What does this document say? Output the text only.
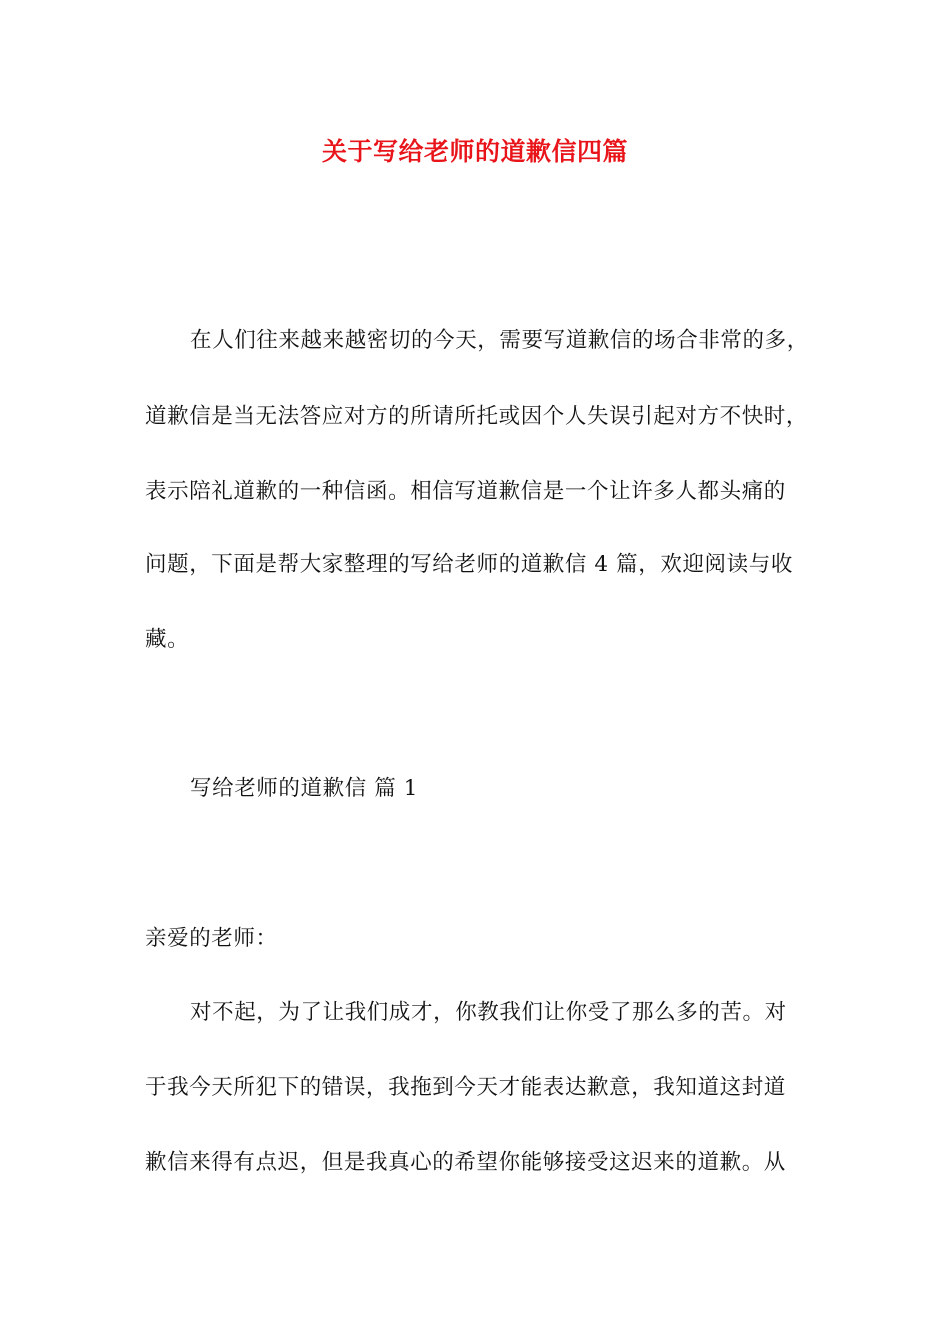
关于写给老师的道歉信四篇
在人们往来越来越密切的今天，需要写道歉信的场合非常的多，
道歉信是当无法答应对方的所请所托或因个人失误引起对方不快时，
表示陪礼道歉的一种信函。相信写道歉信是一个让许多人都头痛的
问题，下面是帮大家整理的写给老师的道歉信 4 篇，欢迎阅读与收
藏。
写给老师的道歉信 篇 1
亲爱的老师：
对不起，为了让我们成才，你教我们让你受了那么多的苦。对
于我今天所犯下的错误，我拖到今天才能表达歉意，我知道这封道
歉信来得有点迟，但是我真心的希望你能够接受这迟来的道歉。从
